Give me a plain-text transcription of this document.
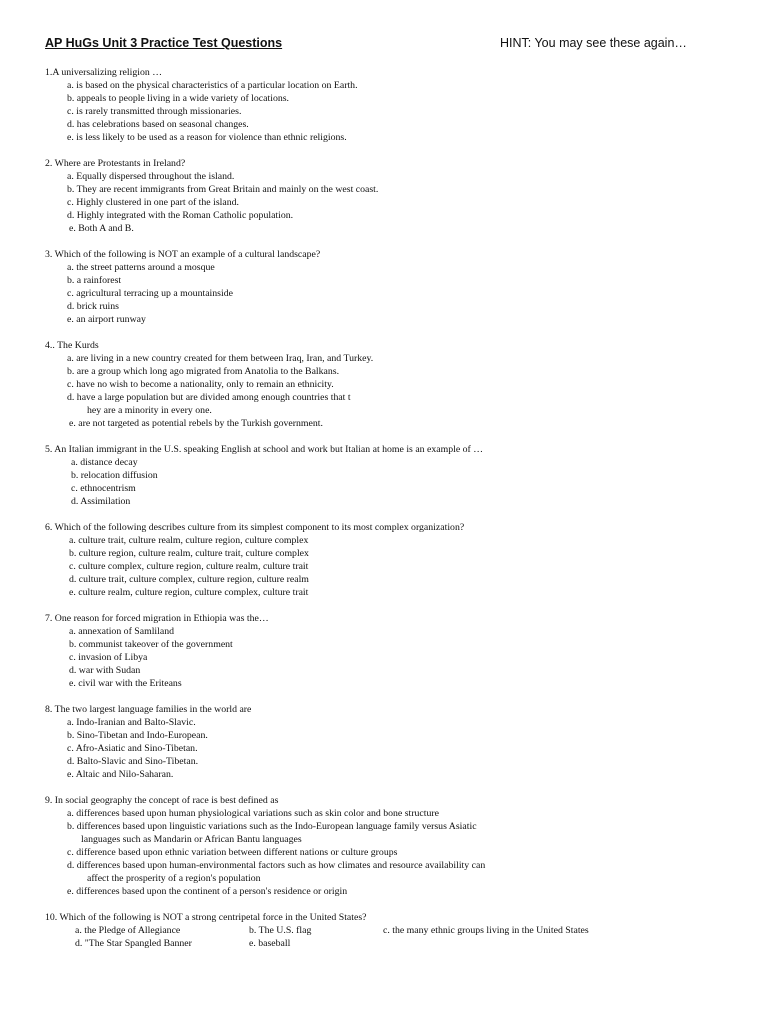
AP HuGs Unit 3 Practice Test Questions	HINT: You may see these again…
1.A universalizing religion …
a. is based on the physical characteristics of a particular location on Earth.
b. appeals to people living in a wide variety of locations.
c. is rarely transmitted through missionaries.
d. has celebrations based on seasonal changes.
e. is less likely to be used as a reason for violence than ethnic religions.
2. Where are Protestants in Ireland?
a. Equally dispersed throughout the island.
b. They are recent immigrants from Great Britain and mainly on the west coast.
c. Highly clustered in one part of the island.
d. Highly integrated with the Roman Catholic population.
e. Both A and B.
3. Which of the following is NOT an example of a cultural landscape?
a. the street patterns around a mosque
b. a rainforest
c. agricultural terracing up a mountainside
d. brick ruins
e. an airport runway
4.. The Kurds
a. are living in a new country created for them between Iraq, Iran, and Turkey.
b. are a group which long ago migrated from Anatolia to the Balkans.
c. have no wish to become a nationality, only to remain an ethnicity.
d. have a large population but are divided among enough countries that t
hey are a minority in every one.
e. are not targeted as potential rebels by the Turkish government.
5. An Italian immigrant in the U.S. speaking English at school and work but Italian at home is an example of …
a. distance decay
b. relocation diffusion
c. ethnocentrism
d. Assimilation
6. Which of the following describes culture from its simplest component to its most complex organization?
a. culture trait, culture realm, culture region, culture complex
b. culture region, culture realm, culture trait, culture complex
c. culture complex, culture region, culture realm, culture trait
d. culture trait, culture complex, culture region, culture realm
e. culture realm, culture region, culture complex, culture trait
7. One reason for forced migration in Ethiopia was the…
a. annexation of Samliland
b. communist takeover of the government
c. invasion of Libya
d. war with Sudan
e. civil war with the Eriteans
8. The two largest language families in the world are
a. Indo-Iranian and Balto-Slavic.
b. Sino-Tibetan and Indo-European.
c. Afro-Asiatic and Sino-Tibetan.
d. Balto-Slavic and Sino-Tibetan.
e. Altaic and Nilo-Saharan.
9. In social geography the concept of race is best defined as
a. differences based upon human physiological variations such as skin color and bone structure
b. differences based upon linguistic variations such as the Indo-European language family versus Asiatic
languages such as Mandarin or African Bantu languages
c. difference based upon ethnic variation between different nations or culture groups
d. differences based upon human-environmental factors such as how climates and resource availability can
affect the prosperity of a region's population
e. differences based upon the continent of a person's residence or origin
10. Which of the following is NOT a strong centripetal force in the United States?
a. the Pledge of Allegiance	b. The U.S. flag	c. the many ethnic groups living in the United States
d. "The Star Spangled Banner	e. baseball
